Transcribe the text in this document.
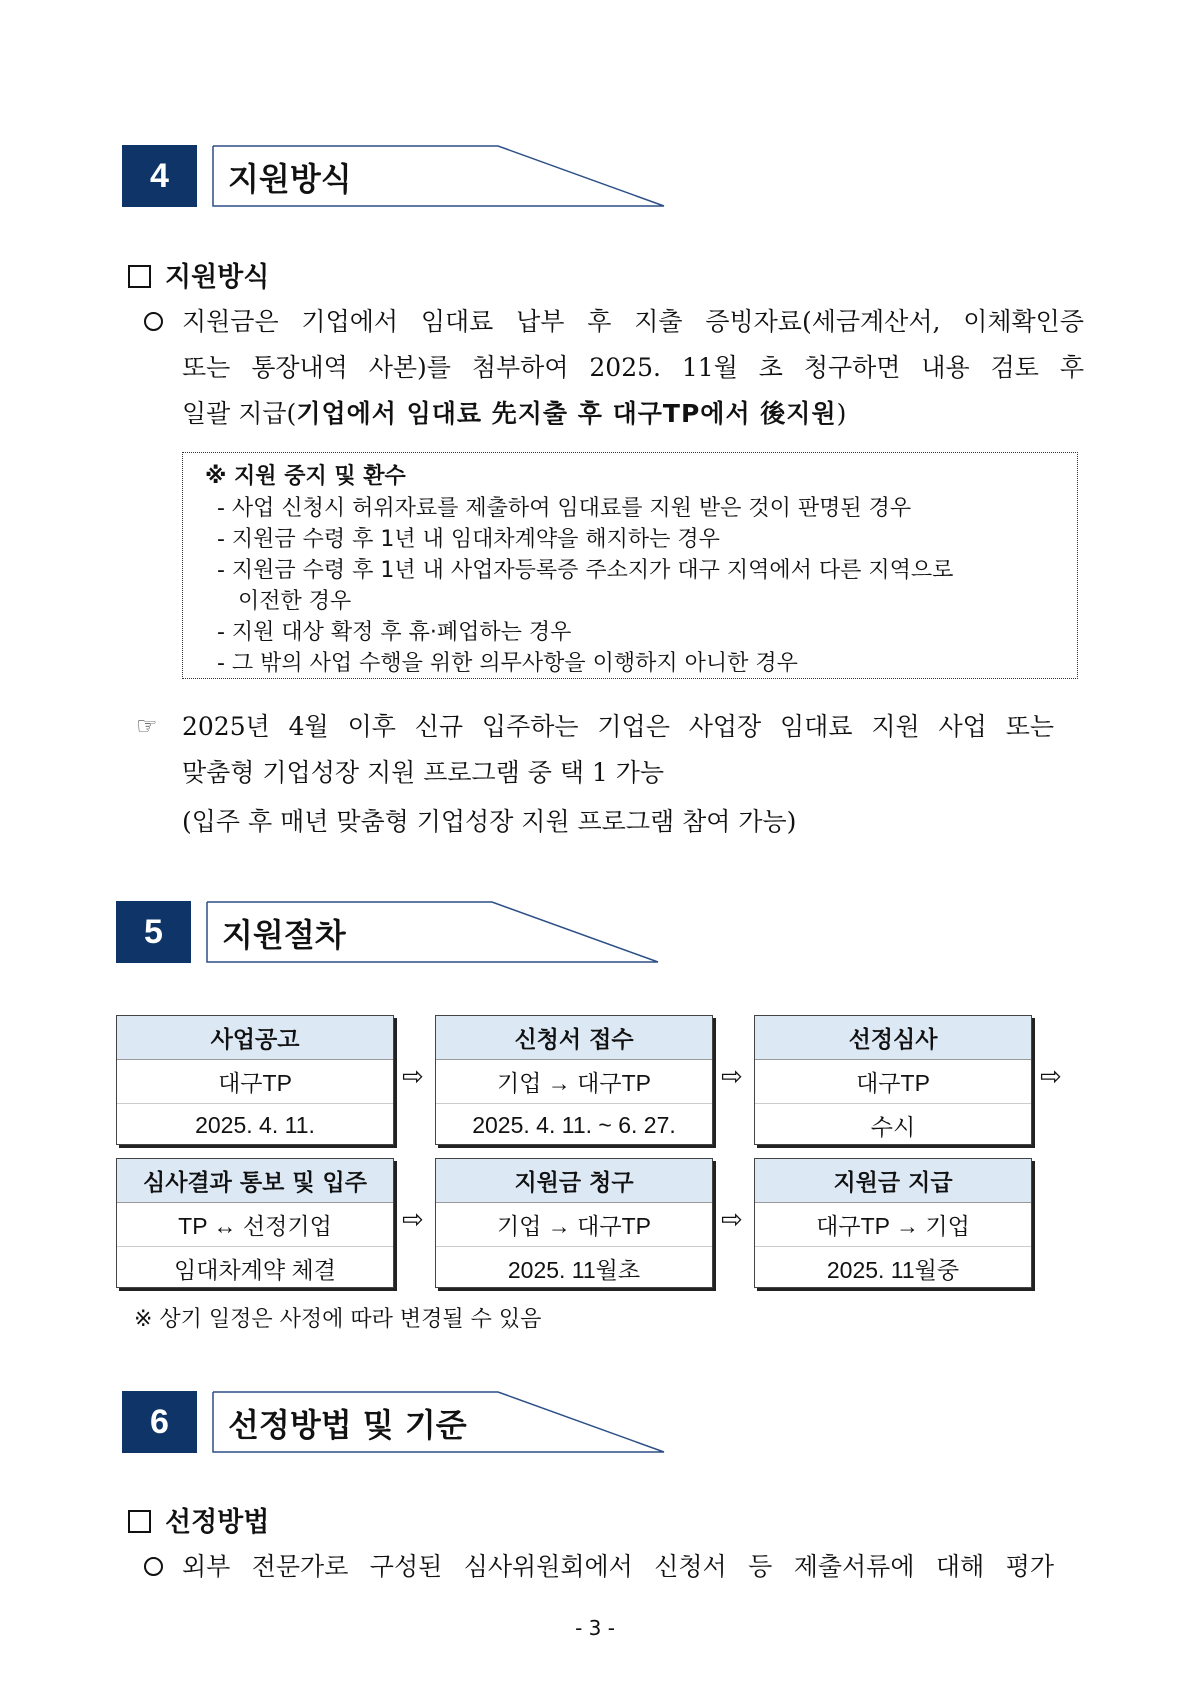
4	지원방식
지원방식
지원금은 기업에서 임대료 납부 후 지출 증빙자료(세금계산서, 이체확인증
또는 통장내역 사본)를 첨부하여 2025. 11월 초 청구하면 내용 검토 후
일괄 지급(기업에서 임대료 先지출 후 대구TP에서 後지원)
※ 지원 중지 및 환수
- 사업 신청시 허위자료를 제출하여 임대료를 지원 받은 것이 판명된 경우
- 지원금 수령 후 1년 내 임대차계약을 해지하는 경우
- 지원금 수령 후 1년 내 사업자등록증 주소지가 대구 지역에서 다른 지역으로
이전한 경우
- 지원 대상 확정 후 휴·폐업하는 경우
- 그 밖의 사업 수행을 위한 의무사항을 이행하지 아니한 경우
☞ 2025년 4월 이후 신규 입주하는 기업은 사업장 임대료 지원 사업 또는
맞춤형 기업성장 지원 프로그램 중 택 1 가능
(입주 후 매년 맞춤형 기업성장 지원 프로그램 참여 가능)
5	지원절차
사업공고
대구TP
2025. 4. 11.
⇨
신청서 접수
기업 → 대구TP
2025. 4. 11. ~ 6. 27.
⇨
선정심사
대구TP
수시
⇨
심사결과 통보 및 입주
TP ↔ 선정기업
임대차계약 체결
⇨
지원금 청구
기업 → 대구TP
2025. 11월초
⇨
지원금 지급
대구TP → 기업
2025. 11월중
※ 상기 일정은 사정에 따라 변경될 수 있음
6	선정방법 및 기준
선정방법
외부 전문가로 구성된 심사위원회에서 신청서 등 제출서류에 대해 평가
- 3 -
